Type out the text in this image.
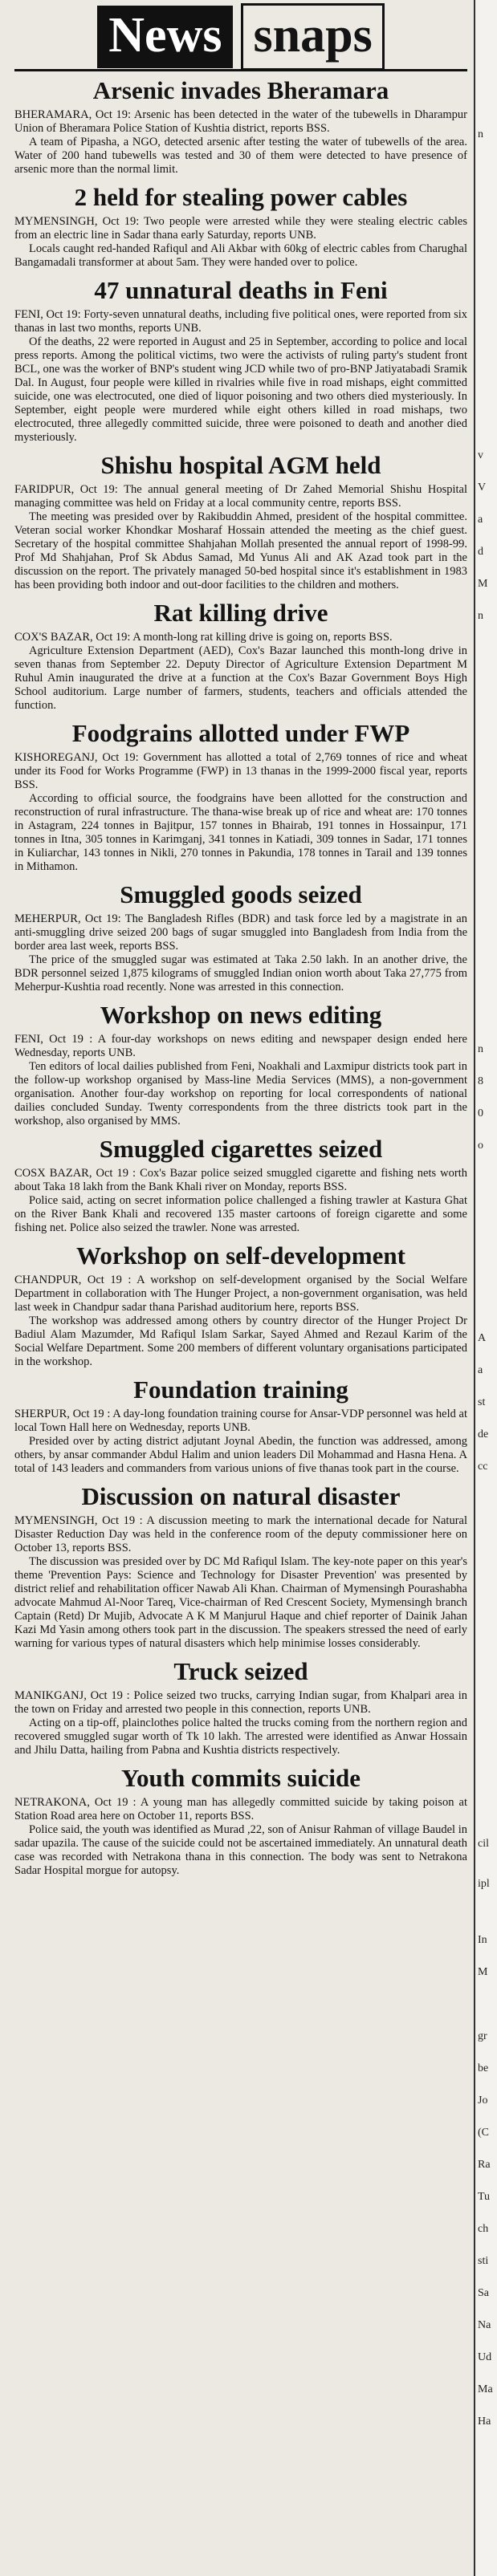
News snaps
Arsenic invades Bheramara

BHERAMARA, Oct 19: Arsenic has been detected in the water of the tubewells in Dharampur Union of Bheramara Police Station of Kushtia district, reports BSS.

A team of Pipasha, a NGO, detected arsenic after testing the water of tubewells of the area. Water of 200 hand tubewells was tested and 30 of them were detected to have presence of arsenic more than the normal limit.

2 held for stealing power cables

MYMENSINGH, Oct 19: Two people were arrested while they were stealing electric cables from an electric line in Sadar thana early Saturday, reports UNB.

Locals caught red-handed Rafiqul and Ali Akbar with 60kg of electric cables from Charughal Bangamadali transformer at about 5am. They were handed over to police.

47 unnatural deaths in Feni

FENI, Oct 19: Forty-seven unnatural deaths, including five political ones, were reported from six thanas in last two months, reports UNB.

Of the deaths, 22 were reported in August and 25 in September, according to police and local press reports. Among the political victims, two were the activists of ruling party's student front BCL, one was the worker of BNP's student wing JCD while two of pro-BNP Jatiyatabadi Sramik Dal. In August, four people were killed in rivalries while five in road mishaps, eight committed suicide, one was electrocuted, one died of liquor poisoning and two others died mysteriously. In September, eight people were murdered while eight others killed in road mishaps, two electrocuted, three allegedly committed suicide, three were poisoned to death and another died mysteriously.

Shishu hospital AGM held

FARIDPUR, Oct 19: The annual general meeting of Dr Zahed Memorial Shishu Hospital managing committee was held on Friday at a local community centre, reports BSS.

The meeting was presided over by Rakibuddin Ahmed, president of the hospital committee. Veteran social worker Khondkar Mosharaf Hossain attended the meeting as the chief guest. Secretary of the hospital committee Shahjahan Mollah presented the annual report of 1998-99. Prof Md Shahjahan, Prof Sk Abdus Samad, Md Yunus Ali and AK Azad took part in the discussion on the report. The privately managed 50-bed hospital since it's establishment in 1983 has been providing both indoor and out-door facilities to the children and mothers.

Rat killing drive

COX'S BAZAR, Oct 19: A month-long rat killing drive is going on, reports BSS.

Agriculture Extension Department (AED), Cox's Bazar launched this month-long drive in seven thanas from September 22. Deputy Director of Agriculture Extension Department M Ruhul Amin inaugurated the drive at a function at the Cox's Bazar Government Boys High School auditorium. Large number of farmers, students, teachers and officials attended the function.

Foodgrains allotted under FWP

KISHOREGANJ, Oct 19: Government has allotted a total of 2,769 tonnes of rice and wheat under its Food for Works Programme (FWP) in 13 thanas in the 1999-2000 fiscal year, reports BSS.

According to official source, the foodgrains have been allotted for the construction and reconstruction of rural infrastructure. The thana-wise break up of rice and wheat are: 170 tonnes in Astagram, 224 tonnes in Bajitpur, 157 tonnes in Bhairab, 191 tonnes in Hossainpur, 171 tonnes in Itna, 305 tonnes in Karimganj, 341 tonnes in Katiadi, 309 tonnes in Sadar, 171 tonnes in Kuliarchar, 143 tonnes in Nikli, 270 tonnes in Pakundia, 178 tonnes in Tarail and 139 tonnes in Mithamon.

Smuggled goods seized

MEHERPUR, Oct 19: The Bangladesh Rifles (BDR) and task force led by a magistrate in an anti-smuggling drive seized 200 bags of sugar smuggled into Bangladesh from India from the border area last week, reports BSS.

The price of the smuggled sugar was estimated at Taka 2.50 lakh. In an another drive, the BDR personnel seized 1,875 kilograms of smuggled Indian onion worth about Taka 27,775 from Meherpur-Kushtia road recently. None was arrested in this connection.

Workshop on news editing

FENI, Oct 19 : A four-day workshops on news editing and newspaper design ended here Wednesday, reports UNB.

Ten editors of local dailies published from Feni, Noakhali and Laxmipur districts took part in the follow-up workshop organised by Mass-line Media Services (MMS), a non-government organisation. Another four-day workshop on reporting for local correspondents of national dailies concluded Sunday. Twenty correspondents from the three districts took part in the workshop, also organised by MMS.

Smuggled cigarettes seized

COSX BAZAR, Oct 19 : Cox's Bazar police seized smuggled cigarette and fishing nets worth about Taka 18 lakh from the Bank Khali river on Monday, reports BSS.

Police said, acting on secret information police challenged a fishing trawler at Kastura Ghat on the River Bank Khali and recovered 135 master cartoons of foreign cigarette and some fishing net. Police also seized the trawler. None was arrested.

Workshop on self-development

CHANDPUR, Oct 19 : A workshop on self-development organised by the Social Welfare Department in collaboration with The Hunger Project, a non-government organisation, was held last week in Chandpur sadar thana Parishad auditorium here, reports BSS.

The workshop was addressed among others by country director of the Hunger Project Dr Badiul Alam Mazumder, Md Rafiqul Islam Sarkar, Sayed Ahmed and Rezaul Karim of the Social Welfare Department. Some 200 members of different voluntary organisations participated in the workshop.

Foundation training

SHERPUR, Oct 19 : A day-long foundation training course for Ansar-VDP personnel was held at local Town Hall here on Wednesday, reports UNB.

Presided over by acting district adjutant Joynal Abedin, the function was addressed, among others, by ansar commander Abdul Halim and union leaders Dil Mohammad and Hasna Hena. A total of 143 leaders and commanders from various unions of five thanas took part in the course.

Discussion on natural disaster

MYMENSINGH, Oct 19 : A discussion meeting to mark the international decade for Natural Disaster Reduction Day was held in the conference room of the deputy commissioner here on October 13, reports BSS.

The discussion was presided over by DC Md Rafiqul Islam. The key-note paper on this year's theme 'Prevention Pays: Science and Technology for Disaster Prevention' was presented by district relief and rehabilitation officer Nawab Ali Khan. Chairman of Mymensingh Pourashabha advocate Mahmud Al-Noor Tareq, Vice-chairman of Red Crescent Society, Mymensingh branch Captain (Retd) Dr Mujib, Advocate A K M Manjurul Haque and chief reporter of Dainik Jahan Kazi Md Yasin among others took part in the discussion. The speakers stressed the need of early warning for various types of natural disasters which help minimise losses considerably.

Truck seized

MANIKGANJ, Oct 19 : Police seized two trucks, carrying Indian sugar, from Khalpari area in the town on Friday and arrested two people in this connection, reports UNB.

Acting on a tip-off, plainclothes police halted the trucks coming from the northern region and recovered smuggled sugar worth of Tk 10 lakh. The arrested were identified as Anwar Hossain and Jhilu Datta, hailing from Pabna and Kushtia districts respectively.

Youth commits suicide

NETRAKONA, Oct 19 : A young man has allegedly committed suicide by taking poison at Station Road area here on October 11, reports BSS.

Police said, the youth was identified as Murad ,22, son of Anisur Rahman of village Baudel in sadar upazila. The cause of the suicide could not be ascertained immediately. An unnatural death case was recorded with Netrakona thana in this connection. The body was sent to Netrakona Sadar Hospital morgue for autopsy.

n
v
V
a
d
M
n
n
8
0
o
A
a
st
de
cc
cil
ipl
In
M
gr
be
Jo
(C
Ra
Tu
ch
sti
Sa
Na
Ud
Ma
Ha
